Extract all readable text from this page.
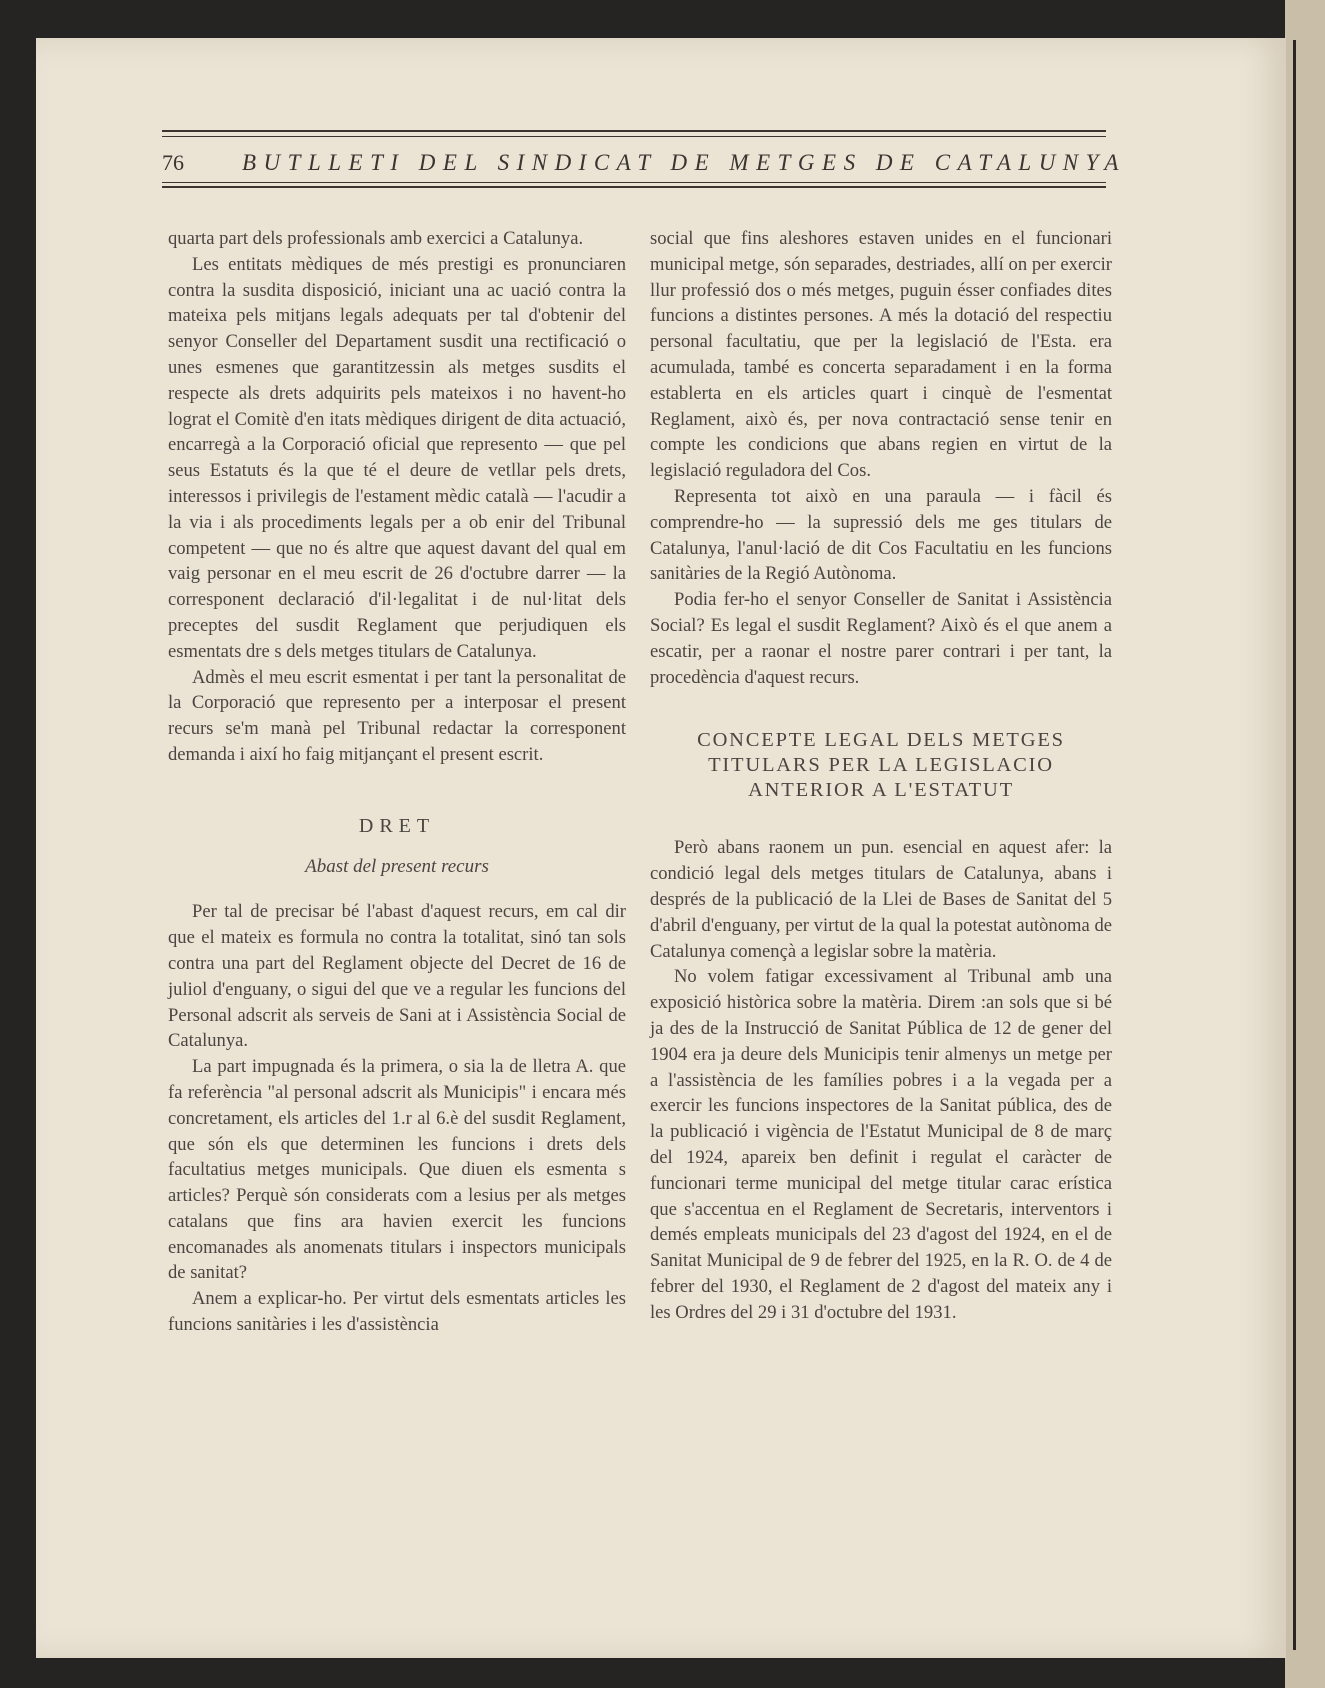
76	BUTLLETI DEL SINDICAT DE METGES DE CATALUNYA

quarta part dels professionals amb exercici a Catalunya.

Les entitats mèdiques de més prestigi es pronunciaren contra la susdita disposició, iniciant una ac uació contra la mateixa pels mitjans legals adequats per tal d'obtenir del senyor Conseller del Departament susdit una rectificació o unes esmenes que garantitzessin als metges susdits el respecte als drets adquirits pels mateixos i no havent-ho lograt el Comitè d'en itats mèdiques dirigent de dita actuació, encarregà a la Corporació oficial que represento — que pel seus Estatuts és la que té el deure de vetllar pels drets, interessos i privilegis de l'estament mèdic català — l'acudir a la via i als procediments legals per a ob enir del Tribunal competent — que no és altre que aquest davant del qual em vaig personar en el meu escrit de 26 d'octubre darrer — la corresponent declaració d'il·legalitat i de nul·litat dels preceptes del susdit Reglament que perjudiquen els esmentats dre s dels metges titulars de Catalunya.

Admès el meu escrit esmentat i per tant la personalitat de la Corporació que represento per a interposar el present recurs se'm manà pel Tribunal redactar la corresponent demanda i així ho faig mitjançant el present escrit.

DRET
Abast del present recurs

Per tal de precisar bé l'abast d'aquest recurs, em cal dir que el mateix es formula no contra la totalitat, sinó tan sols contra una part del Reglament objecte del Decret de 16 de juliol d'enguany, o sigui del que ve a regular les funcions del Personal adscrit als serveis de Sani at i Assistència Social de Catalunya.

La part impugnada és la primera, o sia la de lletra A. que fa referència "al personal adscrit als Municipis" i encara més concretament, els articles del 1.r al 6.è del susdit Reglament, que són els que determinen les funcions i drets dels facultatius metges municipals. Que diuen els esmenta s articles? Perquè són considerats com a lesius per als metges catalans que fins ara havien exercit les funcions encomanades als anomenats titulars i inspectors municipals de sanitat?

Anem a explicar-ho. Per virtut dels esmentats articles les funcions sanitàries i les d'assistència

social que fins aleshores estaven unides en el funcionari municipal metge, són separades, destriades, allí on per exercir llur professió dos o més metges, puguin ésser confiades dites funcions a distintes persones. A més la dotació del respectiu personal facultatiu, que per la legislació de l'Esta. era acumulada, també es concerta separadament i en la forma establerta en els articles quart i cinquè de l'esmentat Reglament, això és, per nova contractació sense tenir en compte les condicions que abans regien en virtut de la legislació reguladora del Cos.

Representa tot això en una paraula — i fàcil és comprendre-ho — la supressió dels me ges titulars de Catalunya, l'anul·lació de dit Cos Facultatiu en les funcions sanitàries de la Regió Autònoma.

Podia fer-ho el senyor Conseller de Sanitat i Assistència Social? Es legal el susdit Reglament? Això és el que anem a escatir, per a raonar el nostre parer contrari i per tant, la procedència d'aquest recurs.

CONCEPTE LEGAL DELS METGES TITULARS PER LA LEGISLACIO ANTERIOR A L'ESTATUT

Però abans raonem un pun. esencial en aquest afer: la condició legal dels metges titulars de Catalunya, abans i després de la publicació de la Llei de Bases de Sanitat del 5 d'abril d'enguany, per virtut de la qual la potestat autònoma de Catalunya començà a legislar sobre la matèria.

No volem fatigar excessivament al Tribunal amb una exposició històrica sobre la matèria. Direm :an sols que si bé ja des de la Instrucció de Sanitat Pública de 12 de gener del 1904 era ja deure dels Municipis tenir almenys un metge per a l'assistència de les famílies pobres i a la vegada per a exercir les funcions inspectores de la Sanitat pública, des de la publicació i vigència de l'Estatut Municipal de 8 de març del 1924, apareix ben definit i regulat el caràcter de funcionari terme municipal del metge titular carac erística que s'accentua en el Reglament de Secretaris, interventors i demés empleats municipals del 23 d'agost del 1924, en el de Sanitat Municipal de 9 de febrer del 1925, en la R. O. de 4 de febrer del 1930, el Reglament de 2 d'agost del mateix any i les Ordres del 29 i 31 d'octubre del 1931.
